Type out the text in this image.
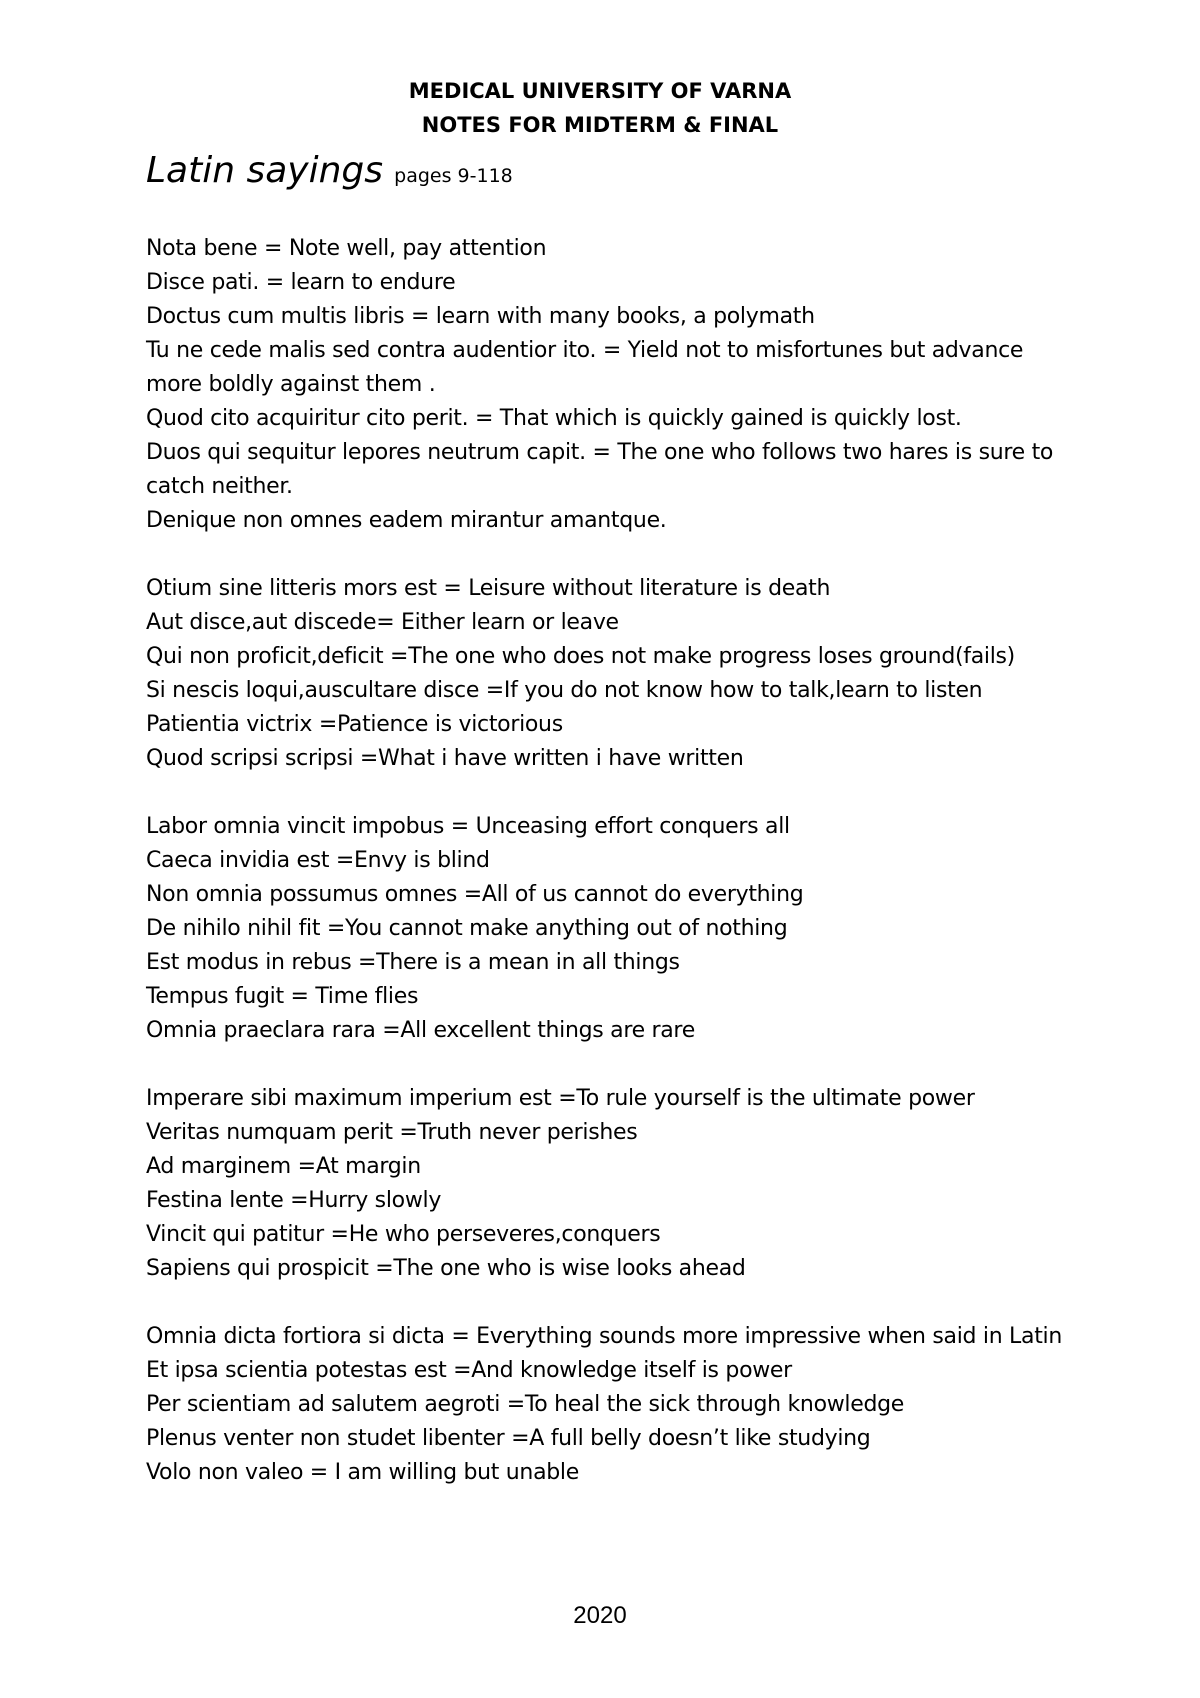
MEDICAL UNIVERSITY OF VARNA
NOTES FOR MIDTERM & FINAL
Latin sayings pages 9-118
Nota bene = Note well, pay attention
Disce pati. = learn to endure
Doctus cum multis libris = learn with many books, a polymath
Tu ne cede malis sed contra audentior ito. = Yield not to misfortunes but advance more boldly against them .
Quod cito acquiritur cito perit. = That which is quickly gained is quickly lost.
Duos qui sequitur lepores neutrum capit. = The one who follows two hares is sure to catch neither.
Denique non omnes eadem mirantur amantque.
Otium sine litteris mors est = Leisure without literature is death
Aut disce,aut discede= Either learn or leave
Qui non proficit,deficit =The one who does not make progress loses ground(fails)
Si nescis loqui,auscultare disce =If you do not know how to talk,learn to listen
Patientia victrix =Patience is victorious
Quod scripsi scripsi =What i have written i have written
Labor omnia vincit impobus = Unceasing effort conquers all
Caeca invidia est =Envy is blind
Non omnia possumus omnes =All of us cannot do everything
De nihilo nihil fit =You cannot make anything out of nothing
Est modus in rebus =There is a mean in all things
Tempus fugit = Time flies
Omnia praeclara rara =All excellent things are rare
Imperare sibi maximum imperium est =To rule yourself is the ultimate power
Veritas numquam perit =Truth never perishes
Ad marginem =At margin
Festina lente =Hurry slowly
Vincit qui patitur =He who perseveres,conquers
Sapiens qui prospicit =The one who is wise looks ahead
Omnia dicta fortiora si dicta = Everything sounds more impressive when said in Latin
Et ipsa scientia potestas est =And knowledge itself is power
Per scientiam ad salutem aegroti =To heal the sick through knowledge
Plenus venter non studet libenter =A full belly doesn’t like studying
Volo non valeo = I am willing but unable
2020
